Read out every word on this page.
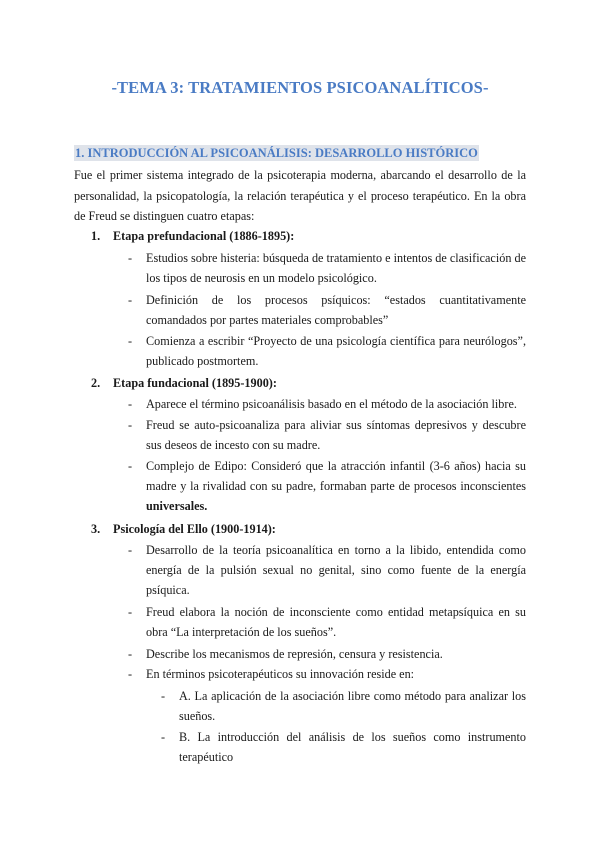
-TEMA 3: TRATAMIENTOS PSICOANALÍTICOS-
1. INTRODUCCIÓN AL PSICOANÁLISIS: DESARROLLO HISTÓRICO
Fue el primer sistema integrado de la psicoterapia moderna, abarcando el desarrollo de la personalidad, la psicopatología, la relación terapéutica y el proceso terapéutico. En la obra de Freud se distinguen cuatro etapas:
1. Etapa prefundacional (1886-1895):
- Estudios sobre histeria: búsqueda de tratamiento e intentos de clasificación de los tipos de neurosis en un modelo psicológico.
- Definición de los procesos psíquicos: “estados cuantitativamente comandados por partes materiales comprobables”
- Comienza a escribir “Proyecto de una psicología científica para neurólogos”, publicado postmortem.
2. Etapa fundacional (1895-1900):
- Aparece el término psicoanálisis basado en el método de la asociación libre.
- Freud se auto-psicoanaliza para aliviar sus síntomas depresivos y descubre sus deseos de incesto con su madre.
- Complejo de Edipo: Consideró que la atracción infantil (3-6 años) hacia su madre y la rivalidad con su padre, formaban parte de procesos inconscientes universales.
3. Psicología del Ello (1900-1914):
- Desarrollo de la teoría psicoanalítica en torno a la libido, entendida como energía de la pulsión sexual no genital, sino como fuente de la energía psíquica.
- Freud elabora la noción de inconsciente como entidad metapsíquica en su obra “La interpretación de los sueños”.
- Describe los mecanismos de represión, censura y resistencia.
- En términos psicoterapéuticos su innovación reside en:
- A. La aplicación de la asociación libre como método para analizar los sueños.
- B. La introducción del análisis de los sueños como instrumento terapéutico
